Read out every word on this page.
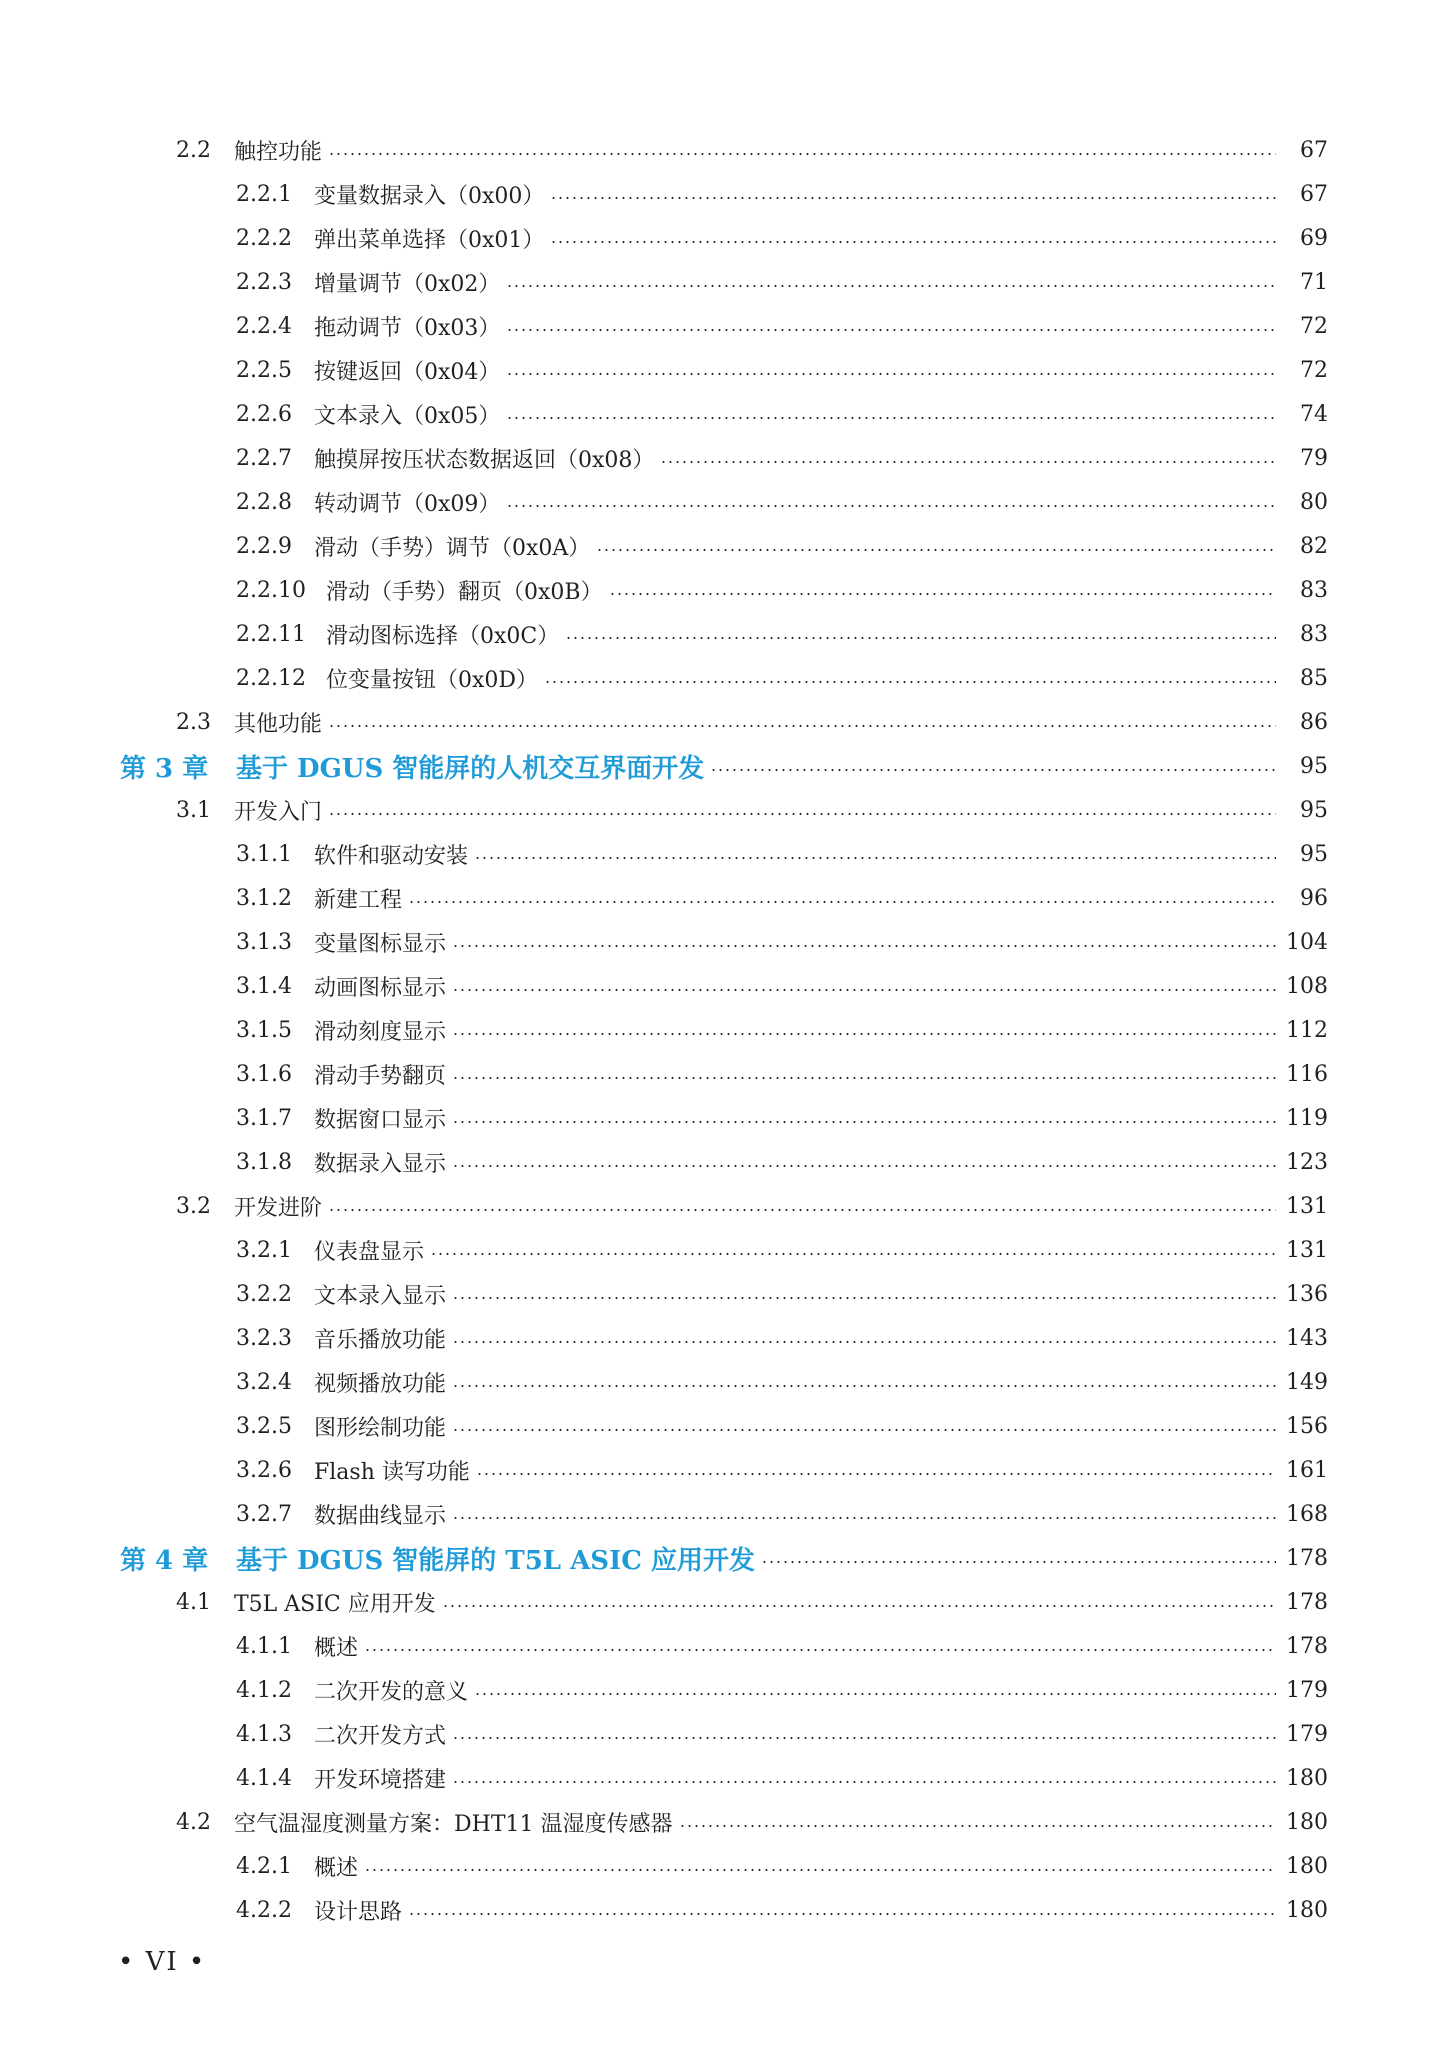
2.2	触控功能	67
2.2.1	变量数据录入（0x00）	67
2.2.2	弹出菜单选择（0x01）	69
2.2.3	增量调节（0x02）	71
2.2.4	拖动调节（0x03）	72
2.2.5	按键返回（0x04）	72
2.2.6	文本录入（0x05）	74
2.2.7	触摸屏按压状态数据返回（0x08）	79
2.2.8	转动调节（0x09）	80
2.2.9	滑动（手势）调节（0x0A）	82
2.2.10 滑动（手势）翻页（0x0B）	83
2.2.11 滑动图标选择（0x0C）	83
2.2.12 位变量按钮（0x0D）	85
2.3	其他功能	86
第 3 章	基于 DGUS 智能屏的人机交互界面开发	95
3.1	开发入门	95
3.1.1	软件和驱动安装	95
3.1.2	新建工程	96
3.1.3	变量图标显示	104
3.1.4	动画图标显示	108
3.1.5	滑动刻度显示	112
3.1.6	滑动手势翻页	116
3.1.7	数据窗口显示	119
3.1.8	数据录入显示	123
3.2	开发进阶	131
3.2.1	仪表盘显示	131
3.2.2	文本录入显示	136
3.2.3	音乐播放功能	143
3.2.4	视频播放功能	149
3.2.5	图形绘制功能	156
3.2.6	Flash 读写功能	161
3.2.7	数据曲线显示	168
第 4 章	基于 DGUS 智能屏的 T5L ASIC 应用开发	178
4.1	T5L ASIC 应用开发	178
4.1.1	概述	178
4.1.2	二次开发的意义	179
4.1.3	二次开发方式	179
4.1.4	开发环境搭建	180
4.2	空气温湿度测量方案：DHT11 温湿度传感器	180
4.2.1	概述	180
4.2.2	设计思路	180
• VI •
